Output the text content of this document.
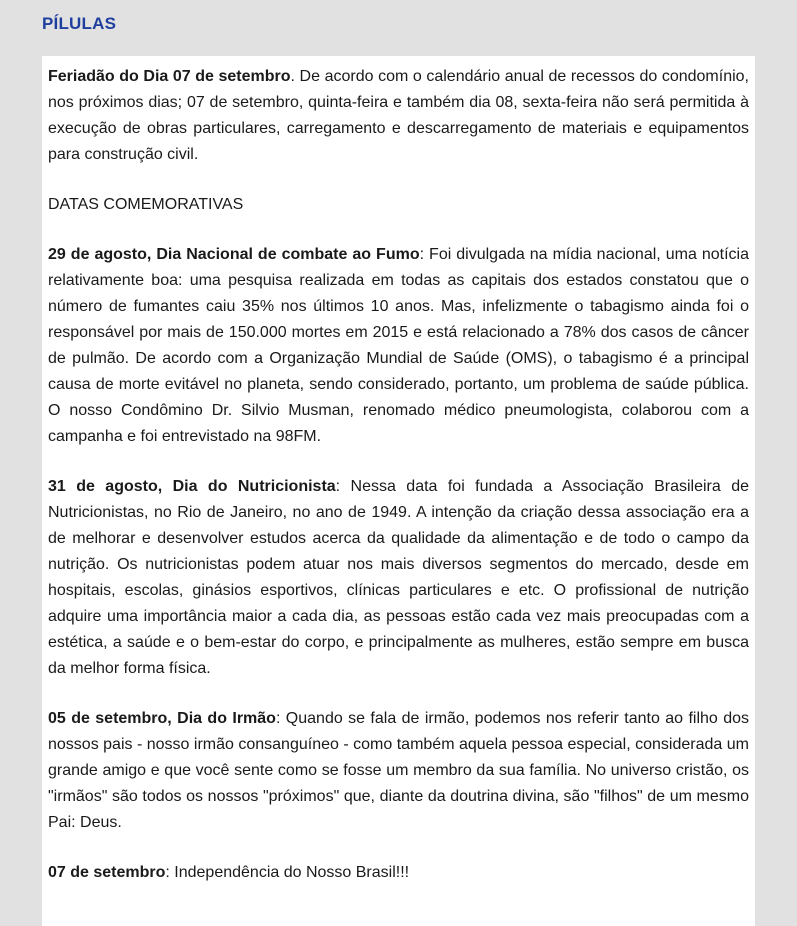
PÍLULAS

Feriadão do Dia 07 de setembro. De acordo com o calendário anual de recessos do condomínio, nos próximos dias; 07 de setembro, quinta-feira e também dia 08, sexta-feira não será permitida à execução de obras particulares, carregamento e descarregamento de materiais e equipamentos para construção civil.

DATAS COMEMORATIVAS

29 de agosto, Dia Nacional de combate ao Fumo: Foi divulgada na mídia nacional, uma notícia relativamente boa: uma pesquisa realizada em todas as capitais dos estados constatou que o número de fumantes caiu 35% nos últimos 10 anos. Mas, infelizmente o tabagismo ainda foi o responsável por mais de 150.000 mortes em 2015 e está relacionado a 78% dos casos de câncer de pulmão. De acordo com a Organização Mundial de Saúde (OMS), o tabagismo é a principal causa de morte evitável no planeta, sendo considerado, portanto, um problema de saúde pública. O nosso Condômino Dr. Silvio Musman, renomado médico pneumologista, colaborou com a campanha e foi entrevistado na 98FM.

31 de agosto, Dia do Nutricionista: Nessa data foi fundada a Associação Brasileira de Nutricionistas, no Rio de Janeiro, no ano de 1949. A intenção da criação dessa associação era a de melhorar e desenvolver estudos acerca da qualidade da alimentação e de todo o campo da nutrição. Os nutricionistas podem atuar nos mais diversos segmentos do mercado, desde em hospitais, escolas, ginásios esportivos, clínicas particulares e etc. O profissional de nutrição adquire uma importância maior a cada dia, as pessoas estão cada vez mais preocupadas com a estética, a saúde e o bem-estar do corpo, e principalmente as mulheres, estão sempre em busca da melhor forma física.

05 de setembro, Dia do Irmão: Quando se fala de irmão, podemos nos referir tanto ao filho dos nossos pais - nosso irmão consanguíneo - como também aquela pessoa especial, considerada um grande amigo e que você sente como se fosse um membro da sua família. No universo cristão, os "irmãos" são todos os nossos "próximos" que, diante da doutrina divina, são "filhos" de um mesmo Pai: Deus.

07 de setembro: Independência do Nosso Brasil!!!
